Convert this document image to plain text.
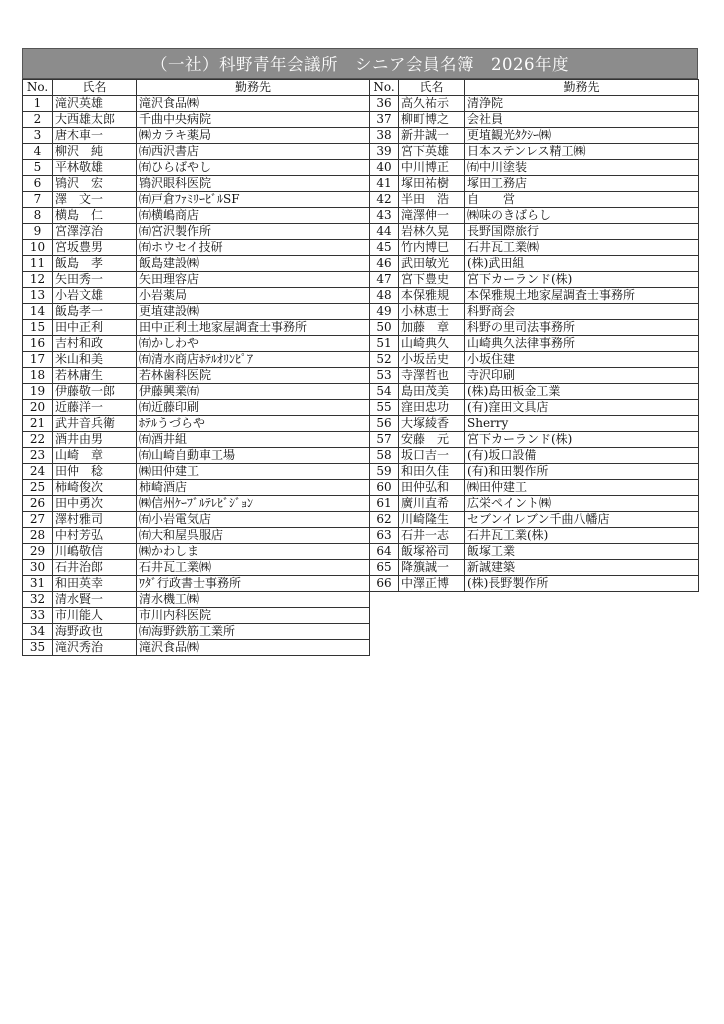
（一社）科野青年会議所　シニア会員名簿　2026年度
No.	氏名	勤務先
1	滝沢英雄	滝沢食品㈱
2	大西雄太郎	千曲中央病院
3	唐木車一	㈱カラキ薬局
4	柳沢　純	㈲西沢書店
5	平林敬雄	㈲ひらばやし
6	鴇沢　宏	鴇沢眼科医院
7	澤　文一	㈲戸倉ﾌｧﾐﾘｰﾋﾞﾙSF
8	横島　仁	㈲横嶋商店
9	宮澤淳治	㈲宮沢製作所
10	宮坂豊男	㈲ホウセイ技研
11	飯島　孝	飯島建設㈱
12	矢田秀一	矢田理容店
13	小岩文雄	小岩薬局
14	飯島孝一	更埴建設㈱
15	田中正利	田中正利土地家屋調査士事務所
16	吉村和政	㈲かしわや
17	米山和美	㈲清水商店ﾎﾃﾙｵﾘﾝﾋﾟｱ
18	若林庸生	若林歯科医院
19	伊藤敬一郎	伊藤興業㈲
20	近藤洋一	㈲近藤印刷
21	武井音兵衛	ﾎﾃﾙうづらや
22	酒井由男	㈲酒井組
23	山崎　章	㈲山崎自動車工場
24	田仲　稔	㈱田仲建工
25	柿崎俊次	柿崎酒店
26	田中勇次	㈱信州ｹｰﾌﾞﾙﾃﾚﾋﾞｼﾞｮﾝ
27	澤村雅司	㈲小岩電気店
28	中村芳弘	㈲大和屋呉服店
29	川嶋敬信	㈱かわしま
30	石井治郎	石井瓦工業㈱
31	和田英幸	ﾜﾀﾞ行政書士事務所
32	清水賢一	清水機工㈱
33	市川能人	市川内科医院
34	海野政也	㈲海野鉄筋工業所
35	滝沢秀治	滝沢食品㈱
No.	氏名	勤務先
36	高久祐示	清浄院
37	柳町博之	会社員
38	新井誠一	更埴観光ﾀｸｼｰ㈱
39	宮下英雄	日本ステンレス精工㈱
40	中川博正	㈲中川塗装
41	塚田祐樹	塚田工務店
42	半田　浩	自　　営
43	滝澤伸一	㈱味のきばらし
44	岩林久晃	長野国際旅行
45	竹内博巳	石井瓦工業㈱
46	武田敏光	(株)武田組
47	宮下豊史	宮下カーランド(株)
48	本保雅規	本保雅規土地家屋調査士事務所
49	小林恵士	科野商会
50	加藤　章	科野の里司法事務所
51	山崎典久	山崎典久法律事務所
52	小坂岳史	小坂住建
53	寺澤哲也	寺沢印刷
54	島田茂美	(株)島田板金工業
55	窪田忠功	(有)窪田文具店
56	大塚綾香	Sherry
57	安藤　元	宮下カーランド(株)
58	坂口吉一	(有)坂口設備
59	和田久佳	(有)和田製作所
60	田仲弘和	㈱田仲建工
61	廣川直希	広栄ペイント㈱
62	川崎隆生	セブンイレブン千曲八幡店
63	石井一志	石井瓦工業(株)
64	飯塚裕司	飯塚工業
65	降籏誠一	新誠建築
66	中澤正博	(株)長野製作所
